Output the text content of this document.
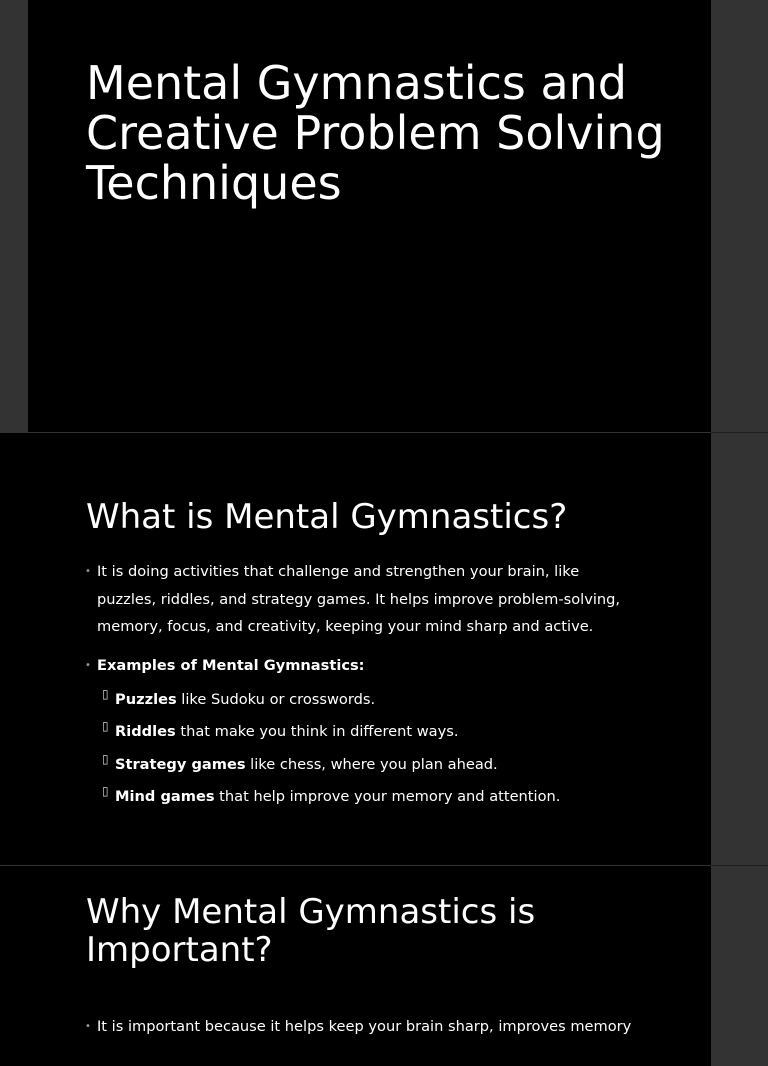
Mental Gymnastics and Creative Problem Solving Techniques
What is Mental Gymnastics?
• It is doing activities that challenge and strengthen your brain, like puzzles, riddles, and strategy games. It helps improve problem-solving, memory, focus, and creativity, keeping your mind sharp and active.
• Examples of Mental Gymnastics:
▯ Puzzles like Sudoku or crosswords.
▯ Riddles that make you think in different ways.
▯ Strategy games like chess, where you plan ahead.
▯ Mind games that help improve your memory and attention.
Why Mental Gymnastics is Important?
• It is important because it helps keep your brain sharp, improves memory
